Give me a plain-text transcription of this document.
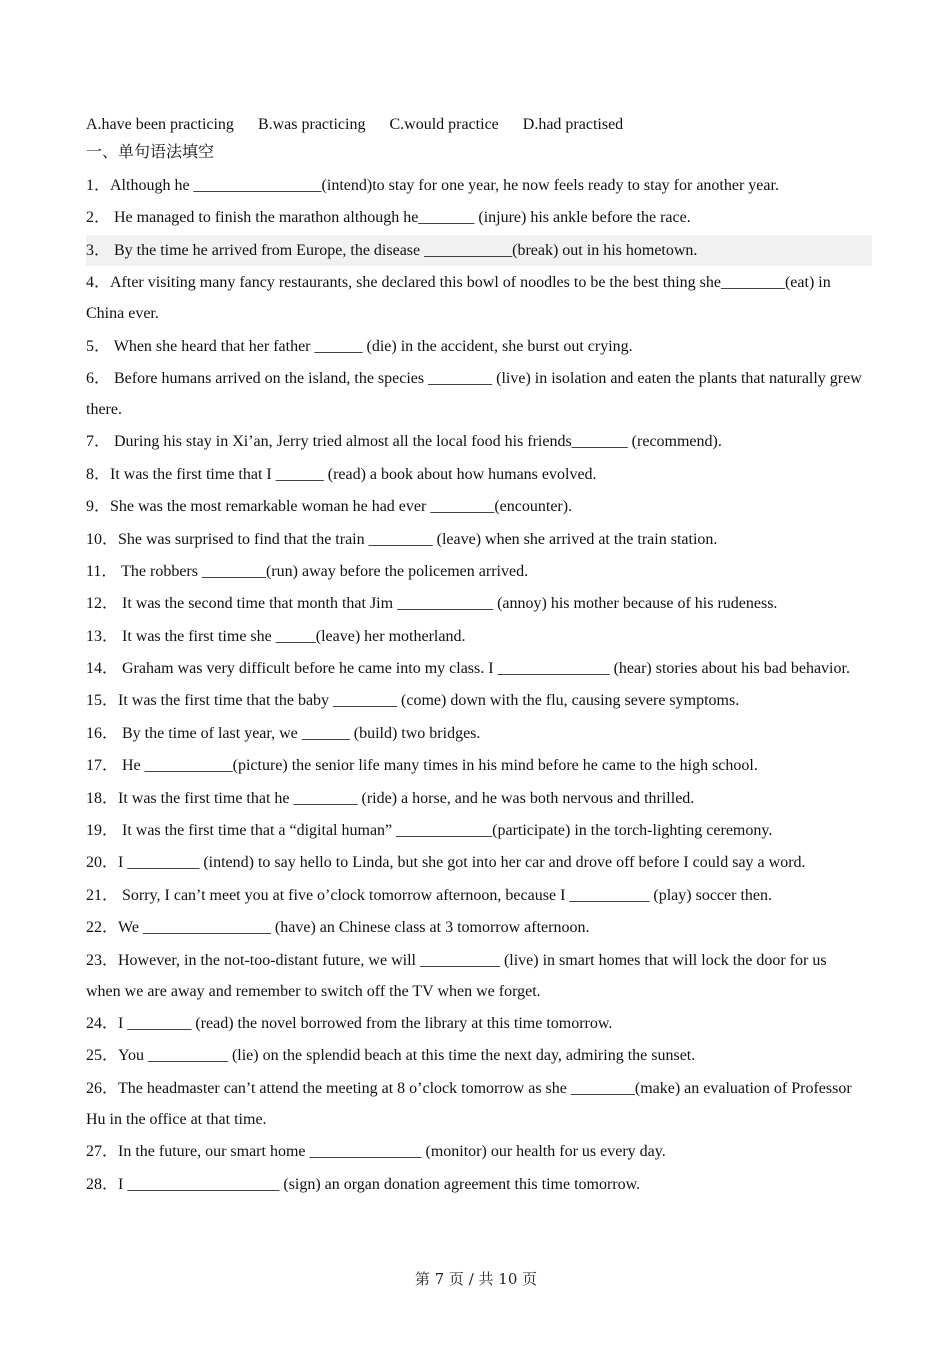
A.have been practicing B.was practicing C.would practice D.had practised
一、单句语法填空
1．Although he ________________(intend)to stay for one year, he now feels ready to stay for another year.
2． He managed to finish the marathon although he_______ (injure) his ankle before the race.
3． By the time he arrived from Europe, the disease ___________(break) out in his hometown.
4．After visiting many fancy restaurants, she declared this bowl of noodles to be the best thing she________(eat) in China ever.
5． When she heard that her father ______ (die) in the accident, she burst out crying.
6． Before humans arrived on the island, the species ________ (live) in isolation and eaten the plants that naturally grew there.
7． During his stay in Xi’an, Jerry tried almost all the local food his friends_______ (recommend).
8．It was the first time that I ______ (read) a book about how humans evolved.
9．She was the most remarkable woman he had ever ________(encounter).
10．She was surprised to find that the train ________ (leave) when she arrived at the train station.
11． The robbers ________(run) away before the policemen arrived.
12． It was the second time that month that Jim ____________ (annoy) his mother because of his rudeness.
13． It was the first time she _____(leave) her motherland.
14． Graham was very difficult before he came into my class. I ______________ (hear) stories about his bad behavior.
15．It was the first time that the baby ________ (come) down with the flu, causing severe symptoms.
16． By the time of last year, we ______ (build) two bridges.
17． He ___________(picture) the senior life many times in his mind before he came to the high school.
18．It was the first time that he ________ (ride) a horse, and he was both nervous and thrilled.
19． It was the first time that a “digital human” ____________(participate) in the torch-lighting ceremony.
20．I _________ (intend) to say hello to Linda, but she got into her car and drove off before I could say a word.
21． Sorry, I can’t meet you at five o’clock tomorrow afternoon, because I __________ (play) soccer then.
22．We ________________ (have) an Chinese class at 3 tomorrow afternoon.
23．However, in the not-too-distant future, we will __________ (live) in smart homes that will lock the door for us when we are away and remember to switch off the TV when we forget.
24．I ________ (read) the novel borrowed from the library at this time tomorrow.
25．You __________ (lie) on the splendid beach at this time the next day, admiring the sunset.
26．The headmaster can’t attend the meeting at 8 o’clock tomorrow as she ________(make) an evaluation of Professor Hu in the office at that time.
27．In the future, our smart home ______________ (monitor) our health for us every day.
28．I ___________________ (sign) an organ donation agreement this time tomorrow.
第 7 页 / 共 10 页
